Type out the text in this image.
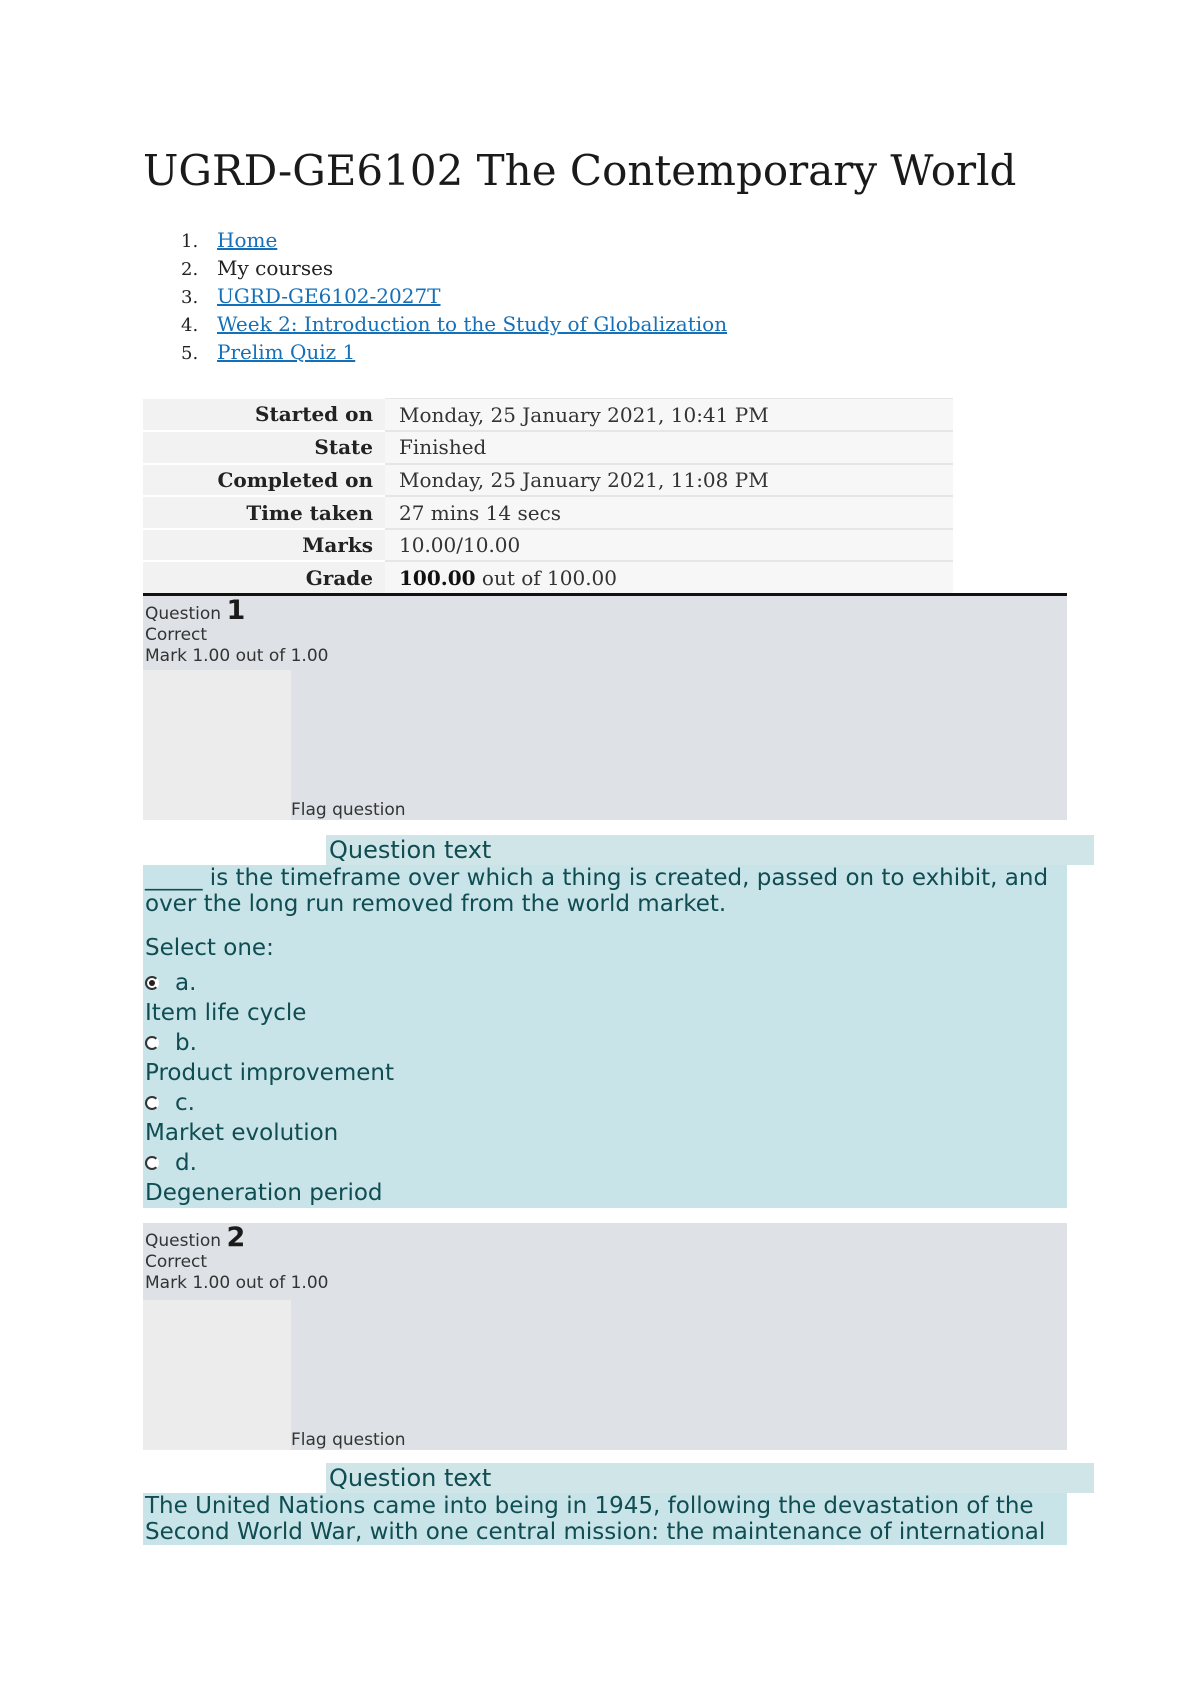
UGRD-GE6102 The Contemporary World
1. Home
2. My courses
3. UGRD-GE6102-2027T
4. Week 2: Introduction to the Study of Globalization
5. Prelim Quiz 1
Started on	Monday, 25 January 2021, 10:41 PM
State	Finished
Completed on	Monday, 25 January 2021, 11:08 PM
Time taken	27 mins 14 secs
Marks	10.00/10.00
Grade	100.00 out of 100.00
Question 1
Correct
Mark 1.00 out of 1.00
Flag question
Question text

_____ is the timeframe over which a thing is created, passed on to exhibit, and over the long run removed from the world market.

Select one:

a.
Item life cycle
b.
Product improvement
c.
Market evolution
d.
Degeneration period
Question 2
Correct
Mark 1.00 out of 1.00
Flag question
Question text

The United Nations came into being in 1945, following the devastation of the Second World War, with one central mission: the maintenance of international
